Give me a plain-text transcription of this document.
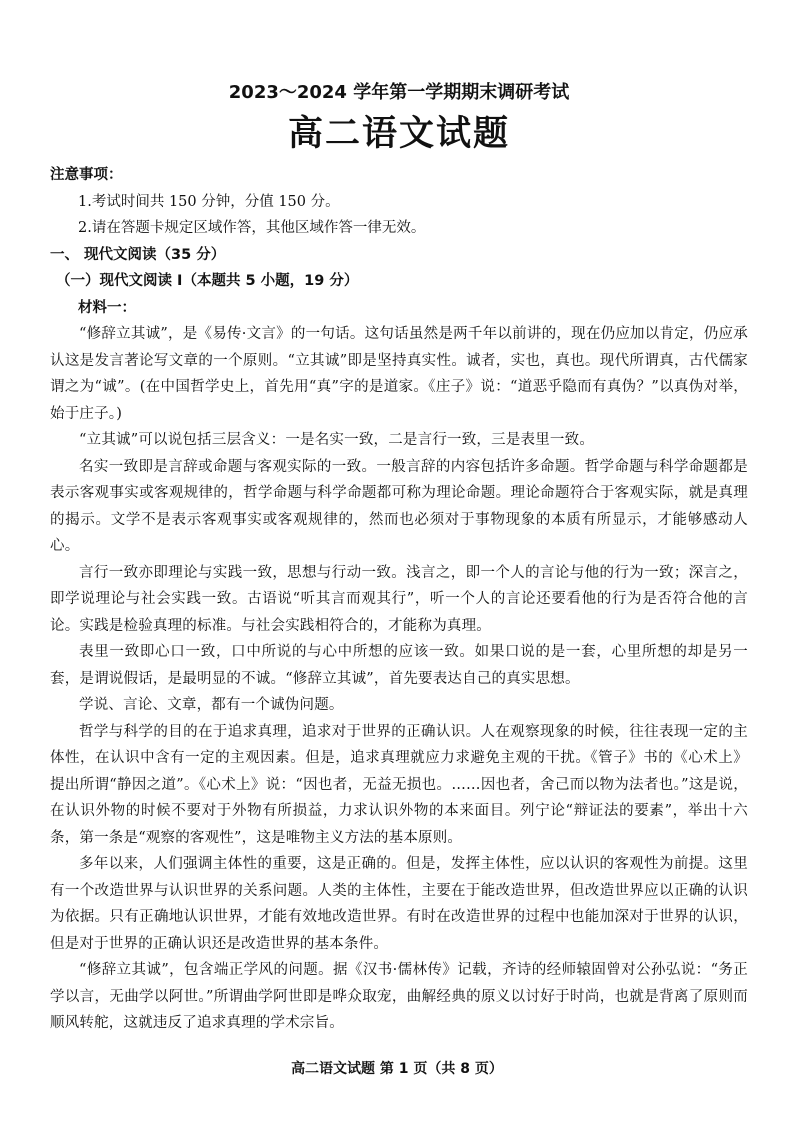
2023～2024 学年第一学期期末调研考试
高二语文试题

注意事项：

1.考试时间共 150 分钟，分值 150 分。

2.请在答题卡规定区域作答，其他区域作答一律无效。

一、 现代文阅读（35 分）

（一）现代文阅读 I（本题共 5 小题，19 分）

材料一：

“修辞立其诚”，是《易传·文言》的一句话。这句话虽然是两千年以前讲的，现在仍应加以肯定，仍应承认这是发言著论写文章的一个原则。“立其诚”即是坚持真实性。诚者，实也，真也。现代所谓真，古代儒家谓之为“诚”。(在中国哲学史上，首先用“真”字的是道家。《庄子》说：“道恶乎隐而有真伪？”以真伪对举，始于庄子。)

“立其诚”可以说包括三层含义：一是名实一致，二是言行一致，三是表里一致。

名实一致即是言辞或命题与客观实际的一致。一般言辞的内容包括许多命题。哲学命题与科学命题都是表示客观事实或客观规律的，哲学命题与科学命题都可称为理论命题。理论命题符合于客观实际，就是真理的揭示。文学不是表示客观事实或客观规律的，然而也必须对于事物现象的本质有所显示，才能够感动人心。

言行一致亦即理论与实践一致，思想与行动一致。浅言之，即一个人的言论与他的行为一致；深言之，即学说理论与社会实践一致。古语说“听其言而观其行”，听一个人的言论还要看他的行为是否符合他的言论。实践是检验真理的标准。与社会实践相符合的，才能称为真理。

表里一致即心口一致，口中所说的与心中所想的应该一致。如果口说的是一套，心里所想的却是另一套，是谓说假话，是最明显的不诚。“修辞立其诚”，首先要表达自己的真实思想。

学说、言论、文章，都有一个诚伪问题。

哲学与科学的目的在于追求真理，追求对于世界的正确认识。人在观察现象的时候，往往表现一定的主体性，在认识中含有一定的主观因素。但是，追求真理就应力求避免主观的干扰。《管子》书的《心术上》提出所谓“静因之道”。《心术上》说：“因也者，无益无损也。……因也者，舍己而以物为法者也。”这是说，在认识外物的时候不要对于外物有所损益，力求认识外物的本来面目。列宁论“辩证法的要素”，举出十六条，第一条是“观察的客观性”，这是唯物主义方法的基本原则。

多年以来，人们强调主体性的重要，这是正确的。但是，发挥主体性，应以认识的客观性为前提。这里有一个改造世界与认识世界的关系问题。人类的主体性，主要在于能改造世界，但改造世界应以正确的认识为依据。只有正确地认识世界，才能有效地改造世界。有时在改造世界的过程中也能加深对于世界的认识，但是对于世界的正确认识还是改造世界的基本条件。

“修辞立其诚”，包含端正学风的问题。据《汉书·儒林传》记载，齐诗的经师辕固曾对公孙弘说：“务正学以言，无曲学以阿世。”所谓曲学阿世即是哗众取宠，曲解经典的原义以讨好于时尚，也就是背离了原则而顺风转舵，这就违反了追求真理的学术宗旨。

高二语文试题 第 1 页（共 8 页）
